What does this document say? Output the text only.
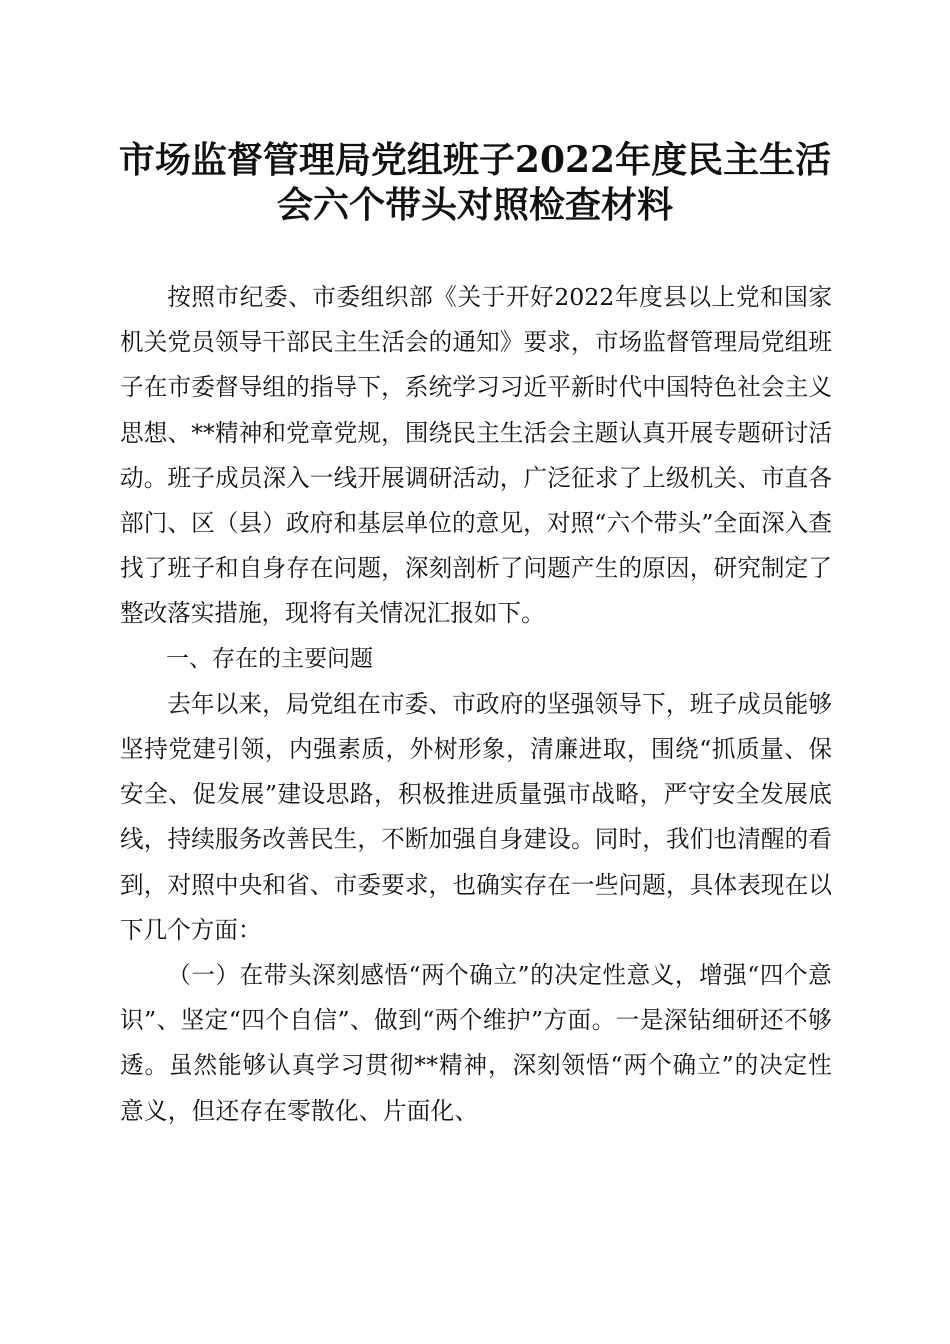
市场监督管理局党组班子2022年度民主生活
会六个带头对照检查材料

按照市纪委、市委组织部《关于开好2022年度县以上党和国家机关党员领导干部民主生活会的通知》要求，市场监督管理局党组班子在市委督导组的指导下，系统学习习近平新时代中国特色社会主义思想、**精神和党章党规，围绕民主生活会主题认真开展专题研讨活动。班子成员深入一线开展调研活动，广泛征求了上级机关、市直各部门、区（县）政府和基层单位的意见，对照“六个带头”全面深入查找了班子和自身存在问题，深刻剖析了问题产生的原因，研究制定了整改落实措施，现将有关情况汇报如下。

一、存在的主要问题

去年以来，局党组在市委、市政府的坚强领导下，班子成员能够坚持党建引领，内强素质，外树形象，清廉进取，围绕“抓质量、保安全、促发展”建设思路，积极推进质量强市战略，严守安全发展底线，持续服务改善民生，不断加强自身建设。同时，我们也清醒的看到，对照中央和省、市委要求，也确实存在一些问题，具体表现在以下几个方面：

（一）在带头深刻感悟“两个确立”的决定性意义，增强“四个意识”、坚定“四个自信”、做到“两个维护”方面。一是深钻细研还不够透。虽然能够认真学习贯彻**精神，深刻领悟“两个确立”的决定性意义，但还存在零散化、片面化、
